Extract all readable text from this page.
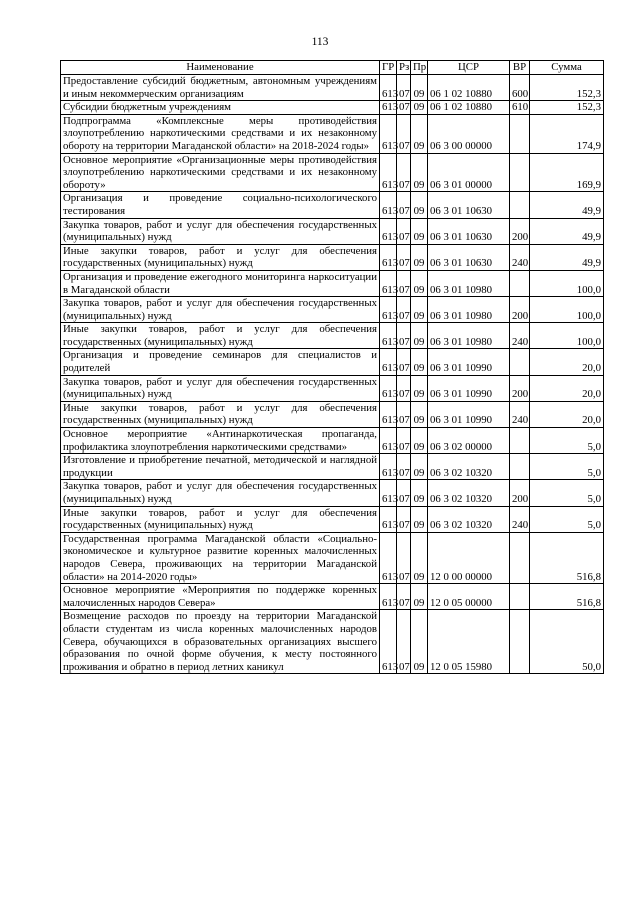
113
Наименование	ГР	Рз	Пр	ЦСР	ВР	Сумма
Предоставление субсидий бюджетным, автономным учреждениям и иным некоммерческим организациям	613	07	09	06 1 02 10880	600	152,3
Субсидии бюджетным учреждениям	613	07	09	06 1 02 10880	610	152,3
Подпрограмма «Комплексные меры противодействия злоупотреблению наркотическими средствами и их незаконному обороту на территории Магаданской области» на 2018-2024 годы»	613	07	09	06 3 00 00000		174,9
Основное мероприятие «Организационные меры противодействия злоупотреблению наркотическими средствами и их незаконному обороту»	613	07	09	06 3 01 00000		169,9
Организация и проведение социально-психологического тестирования	613	07	09	06 3 01 10630		49,9
Закупка товаров, работ и услуг для обеспечения государственных (муниципальных) нужд	613	07	09	06 3 01 10630	200	49,9
Иные закупки товаров, работ и услуг для обеспечения государственных (муниципальных) нужд	613	07	09	06 3 01 10630	240	49,9
Организация и проведение ежегодного мониторинга наркоситуации в Магаданской области	613	07	09	06 3 01 10980		100,0
Закупка товаров, работ и услуг для обеспечения государственных (муниципальных) нужд	613	07	09	06 3 01 10980	200	100,0
Иные закупки товаров, работ и услуг для обеспечения государственных (муниципальных) нужд	613	07	09	06 3 01 10980	240	100,0
Организация и проведение семинаров для специалистов и родителей	613	07	09	06 3 01 10990		20,0
Закупка товаров, работ и услуг для обеспечения государственных (муниципальных) нужд	613	07	09	06 3 01 10990	200	20,0
Иные закупки товаров, работ и услуг для обеспечения государственных (муниципальных) нужд	613	07	09	06 3 01 10990	240	20,0
Основное мероприятие «Антинаркотическая пропаганда, профилактика злоупотребления наркотическими средствами»	613	07	09	06 3 02 00000		5,0
Изготовление и приобретение печатной, методической и наглядной продукции	613	07	09	06 3 02 10320		5,0
Закупка товаров, работ и услуг для обеспечения государственных (муниципальных) нужд	613	07	09	06 3 02 10320	200	5,0
Иные закупки товаров, работ и услуг для обеспечения государственных (муниципальных) нужд	613	07	09	06 3 02 10320	240	5,0
Государственная программа Магаданской области «Социально-экономическое и культурное развитие коренных малочисленных народов Севера, проживающих на территории Магаданской области» на 2014-2020 годы»	613	07	09	12 0 00 00000		516,8
Основное мероприятие «Мероприятия по поддержке коренных малочисленных народов Севера»	613	07	09	12 0 05 00000		516,8
Возмещение расходов по проезду на территории Магаданской области студентам из числа коренных малочисленных народов Севера, обучающихся в образовательных организациях высшего образования по очной форме обучения, к месту постоянного проживания и обратно в период летних каникул	613	07	09	12 0 05 15980		50,0
